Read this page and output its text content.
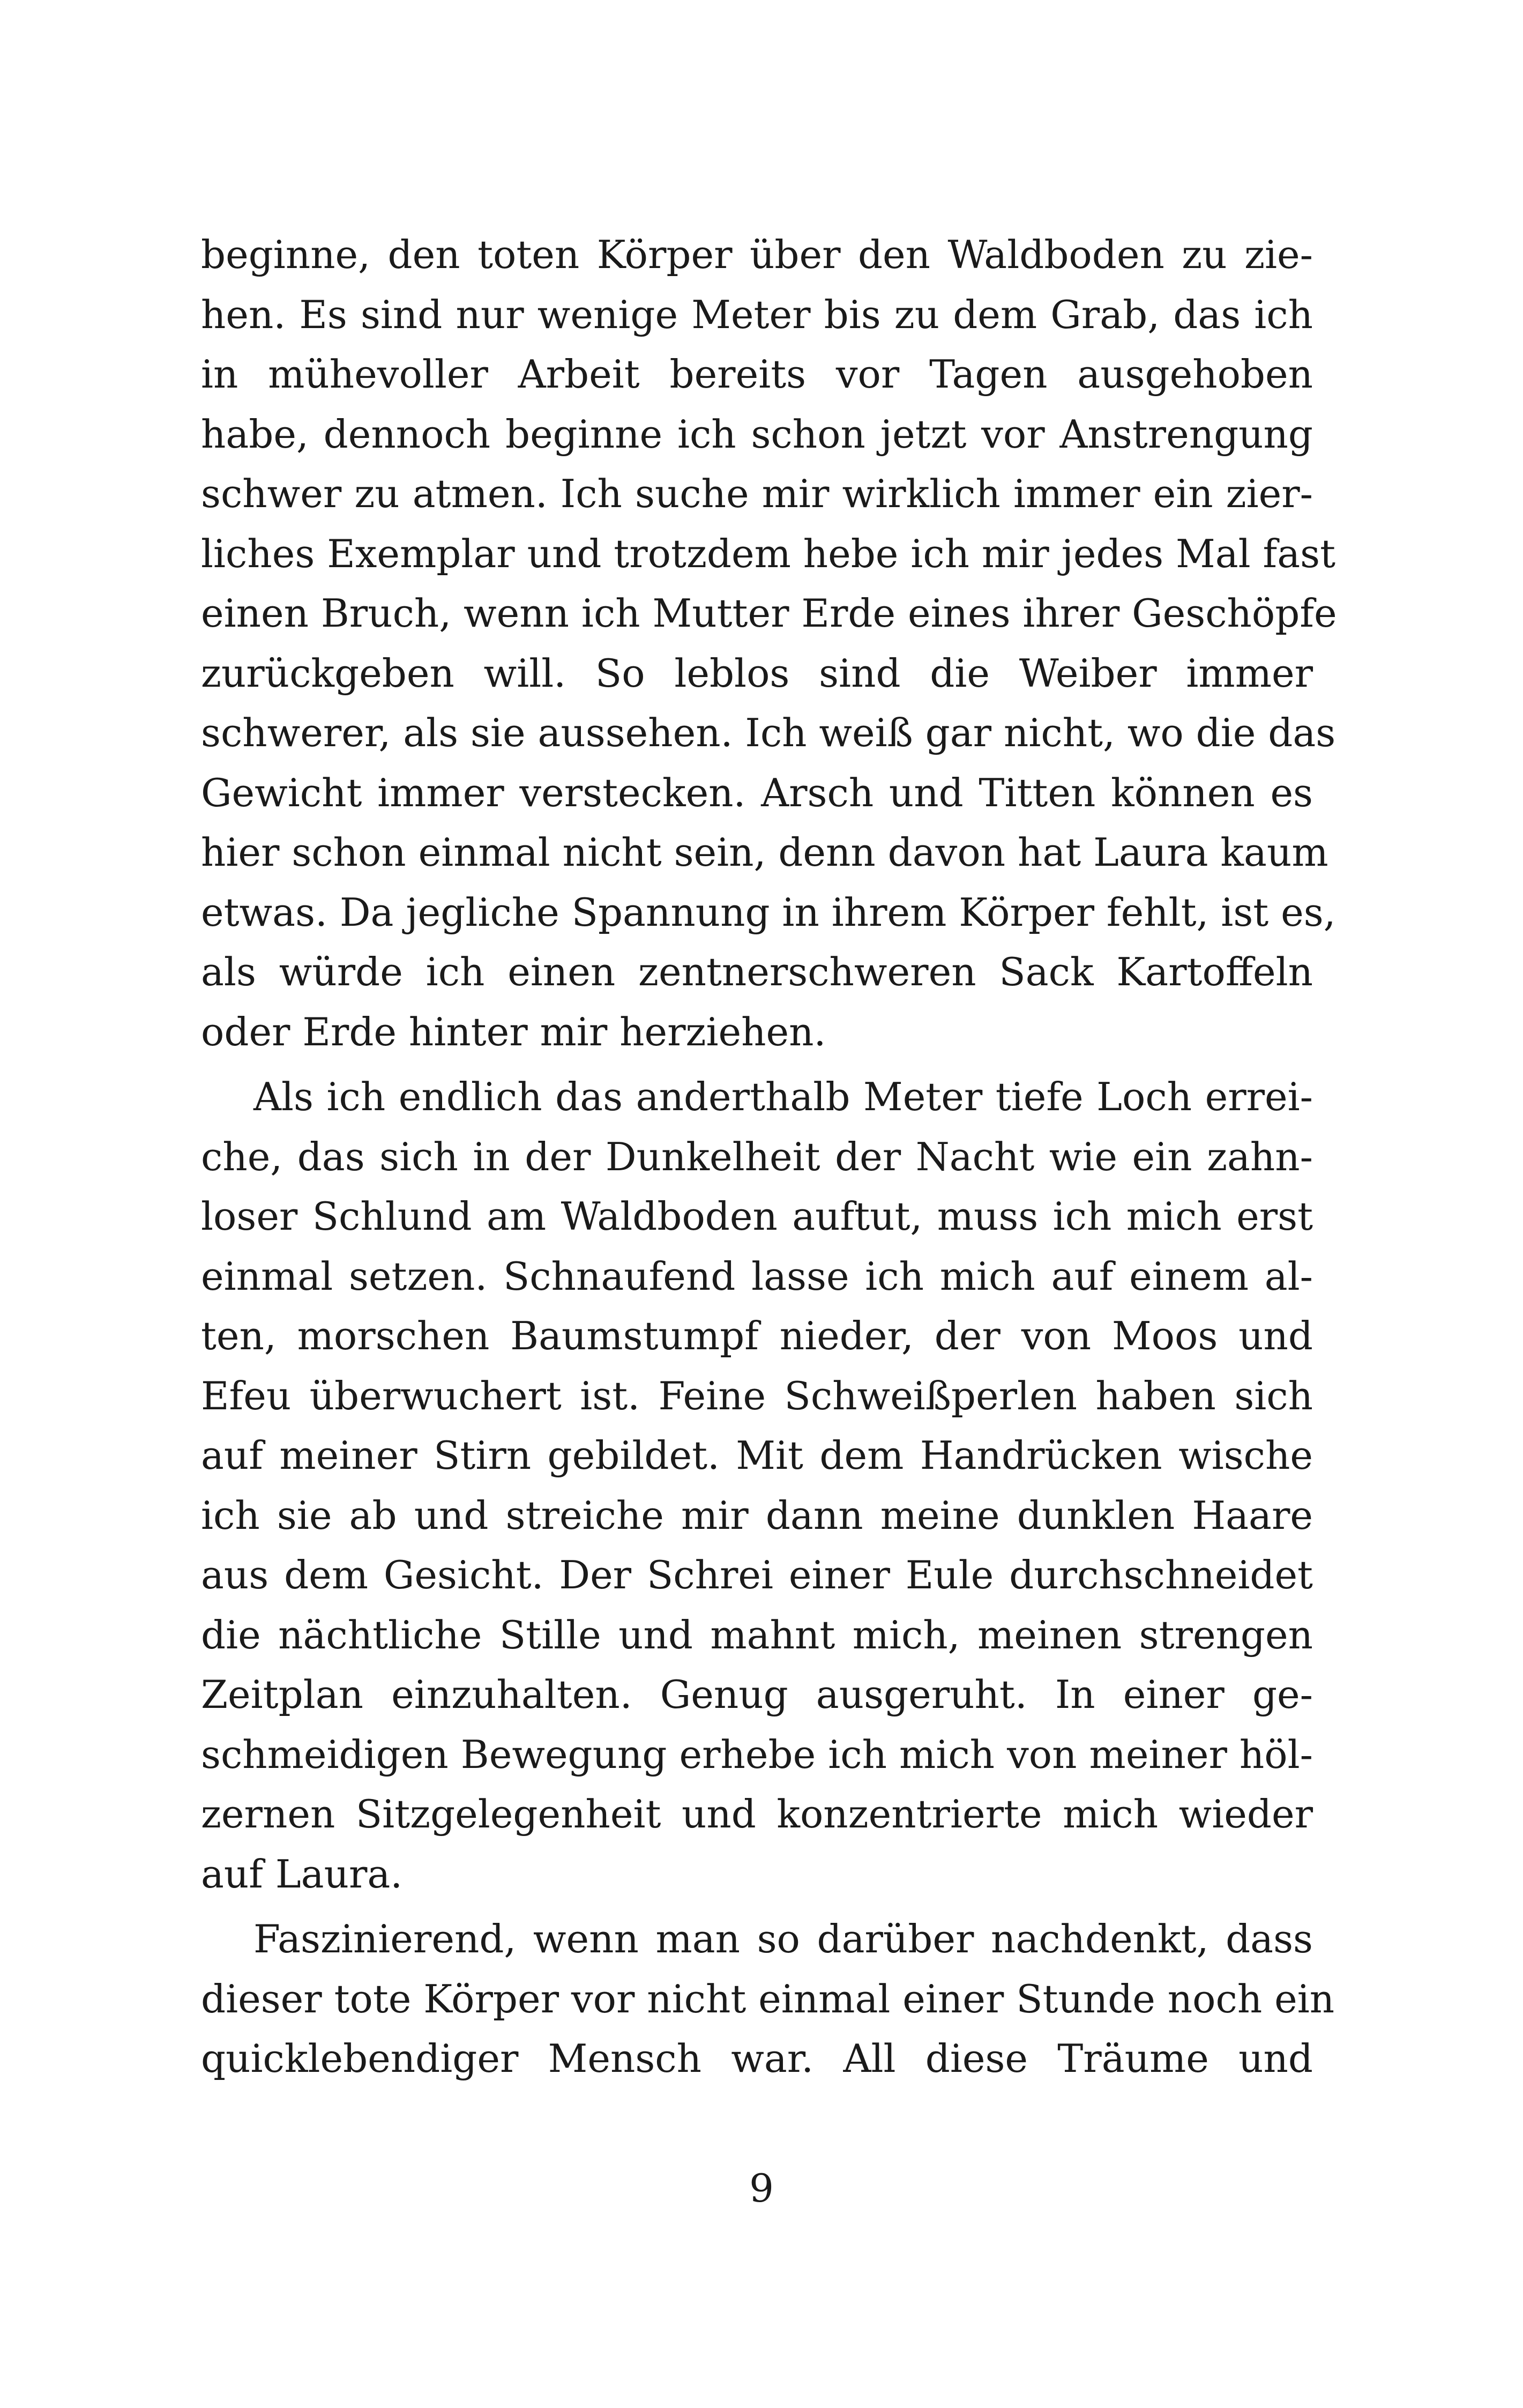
beginne, den toten Körper über den Waldboden zu zie-
hen. Es sind nur wenige Meter bis zu dem Grab, das ich
in mühevoller Arbeit bereits vor Tagen ausgehoben
habe, dennoch beginne ich schon jetzt vor Anstrengung
schwer zu atmen. Ich suche mir wirklich immer ein zier-
liches Exemplar und trotzdem hebe ich mir jedes Mal fast
einen Bruch, wenn ich Mutter Erde eines ihrer Geschöpfe
zurückgeben will. So leblos sind die Weiber immer
schwerer, als sie aussehen. Ich weiß gar nicht, wo die das
Gewicht immer verstecken. Arsch und Titten können es
hier schon einmal nicht sein, denn davon hat Laura kaum
etwas. Da jegliche Spannung in ihrem Körper fehlt, ist es,
als würde ich einen zentnerschweren Sack Kartoffeln
oder Erde hinter mir herziehen.
Als ich endlich das anderthalb Meter tiefe Loch errei-
che, das sich in der Dunkelheit der Nacht wie ein zahn-
loser Schlund am Waldboden auftut, muss ich mich erst
einmal setzen. Schnaufend lasse ich mich auf einem al-
ten, morschen Baumstumpf nieder, der von Moos und
Efeu überwuchert ist. Feine Schweißperlen haben sich
auf meiner Stirn gebildet. Mit dem Handrücken wische
ich sie ab und streiche mir dann meine dunklen Haare
aus dem Gesicht. Der Schrei einer Eule durchschneidet
die nächtliche Stille und mahnt mich, meinen strengen
Zeitplan einzuhalten. Genug ausgeruht. In einer ge-
schmeidigen Bewegung erhebe ich mich von meiner höl-
zernen Sitzgelegenheit und konzentrierte mich wieder
auf Laura.
Faszinierend, wenn man so darüber nachdenkt, dass
dieser tote Körper vor nicht einmal einer Stunde noch ein
quicklebendiger Mensch war. All diese Träume und
9
